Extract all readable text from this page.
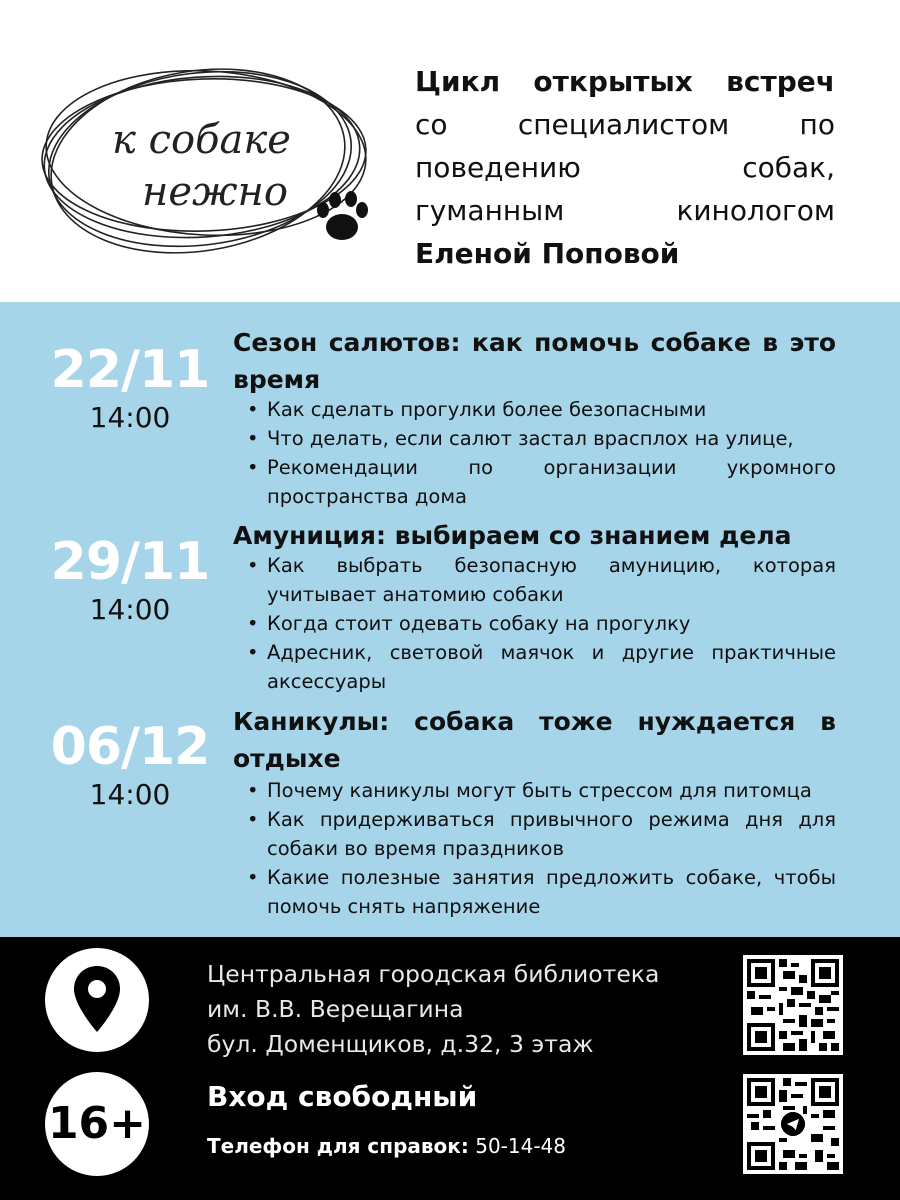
к собаке
нежно
Цикл открытых встреч
со специалистом по
поведению собак,
гуманным кинологом
Еленой Поповой
22/11
14:00
Сезон салютов: как помочь собаке в это время
• Как сделать прогулки более безопасными
• Что делать, если салют застал врасплох на улице,
• Рекомендации по организации укромного пространства дома
29/11
14:00
Амуниция: выбираем со знанием дела
• Как выбрать безопасную амуницию, которая учитывает анатомию собаки
• Когда стоит одевать собаку на прогулку
• Адресник, световой маячок и другие практичные аксессуары
06/12
14:00
Каникулы: собака тоже нуждается в отдыхе
• Почему каникулы могут быть стрессом для питомца
• Как придерживаться привычного режима дня для собаки во время праздников
• Какие полезные занятия предложить собаке, чтобы помочь снять напряжение
16+
Центральная городская библиотека
им. В.В. Верещагина
бул. Доменщиков, д.32, 3 этаж
Вход свободный
Телефон для справок: 50-14-48
